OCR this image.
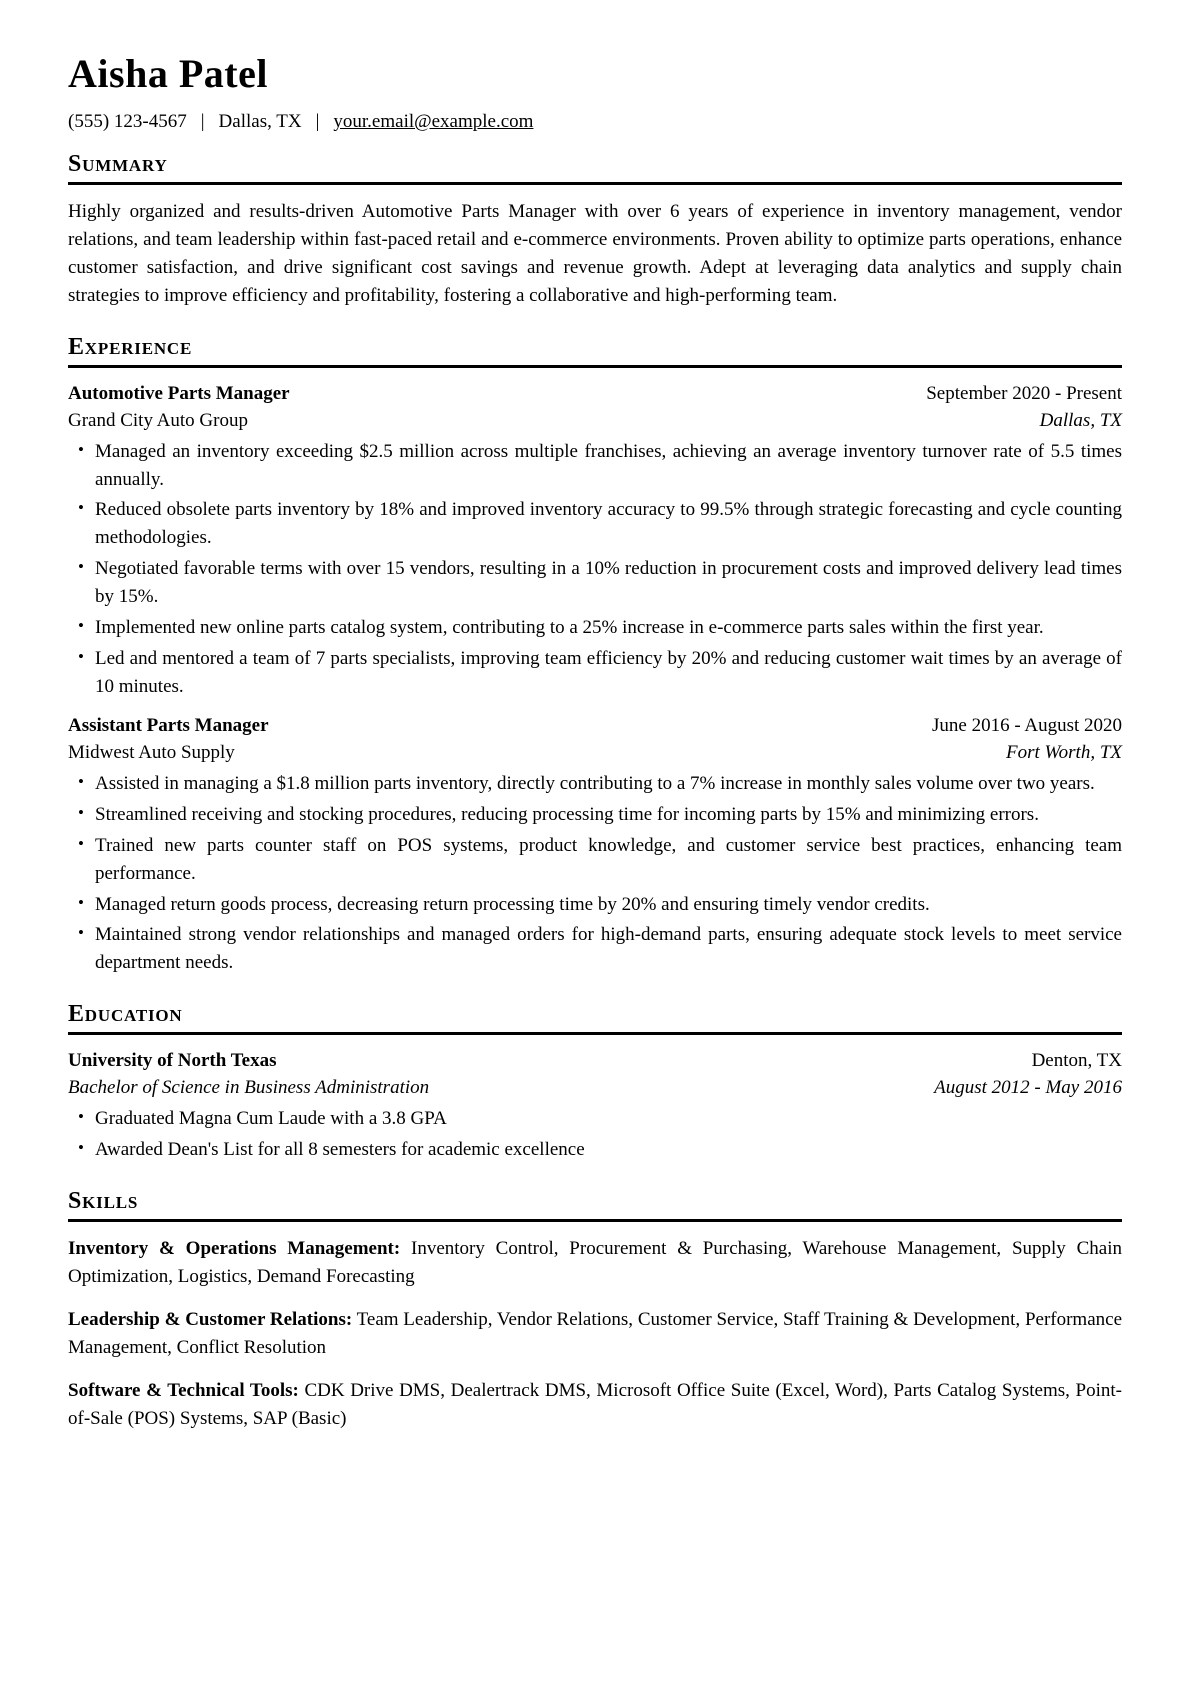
Aisha Patel
(555) 123-4567 | Dallas, TX | your.email@example.com
Summary
Highly organized and results-driven Automotive Parts Manager with over 6 years of experience in inventory management, vendor relations, and team leadership within fast-paced retail and e-commerce environments. Proven ability to optimize parts operations, enhance customer satisfaction, and drive significant cost savings and revenue growth. Adept at leveraging data analytics and supply chain strategies to improve efficiency and profitability, fostering a collaborative and high-performing team.
Experience
Automotive Parts Manager	September 2020 - Present
Grand City Auto Group	Dallas, TX
• Managed an inventory exceeding $2.5 million across multiple franchises, achieving an average inventory turnover rate of 5.5 times annually.
• Reduced obsolete parts inventory by 18% and improved inventory accuracy to 99.5% through strategic forecasting and cycle counting methodologies.
• Negotiated favorable terms with over 15 vendors, resulting in a 10% reduction in procurement costs and improved delivery lead times by 15%.
• Implemented new online parts catalog system, contributing to a 25% increase in e-commerce parts sales within the first year.
• Led and mentored a team of 7 parts specialists, improving team efficiency by 20% and reducing customer wait times by an average of 10 minutes.
Assistant Parts Manager	June 2016 - August 2020
Midwest Auto Supply	Fort Worth, TX
• Assisted in managing a $1.8 million parts inventory, directly contributing to a 7% increase in monthly sales volume over two years.
• Streamlined receiving and stocking procedures, reducing processing time for incoming parts by 15% and minimizing errors.
• Trained new parts counter staff on POS systems, product knowledge, and customer service best practices, enhancing team performance.
• Managed return goods process, decreasing return processing time by 20% and ensuring timely vendor credits.
• Maintained strong vendor relationships and managed orders for high-demand parts, ensuring adequate stock levels to meet service department needs.
Education
University of North Texas	Denton, TX
Bachelor of Science in Business Administration	August 2012 - May 2016
• Graduated Magna Cum Laude with a 3.8 GPA
• Awarded Dean's List for all 8 semesters for academic excellence
Skills
Inventory & Operations Management: Inventory Control, Procurement & Purchasing, Warehouse Management, Supply Chain Optimization, Logistics, Demand Forecasting
Leadership & Customer Relations: Team Leadership, Vendor Relations, Customer Service, Staff Training & Development, Performance Management, Conflict Resolution
Software & Technical Tools: CDK Drive DMS, Dealertrack DMS, Microsoft Office Suite (Excel, Word), Parts Catalog Systems, Point-of-Sale (POS) Systems, SAP (Basic)
